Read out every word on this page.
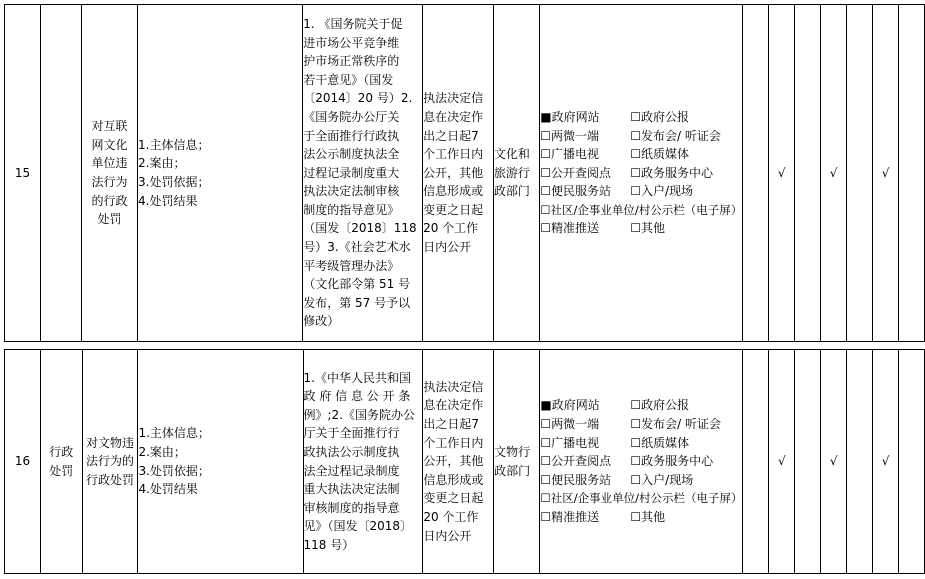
15		
对互联
网文化
单位违
法行为
的行政
处罚

1.主体信息；
2.案由；
3.处罚依据；
4.处罚结果

1. 《国务院关于促
进市场公平竞争维
护市场正常秩序的
若干意见》（国发
〔2014〕20 号）2.
《国务院办公厅关
于全面推行行政执
法公示制度执法全
过程记录制度重大
执法决定法制审核
制度的指导意见》
（国发〔2018〕118
号）3.《社会艺术水
平考级管理办法》
（文化部令第 51 号
发布，第 57 号予以
修改）

执法决定信
息在决定作
出之日起7
个工作日内
公开，其他
信息形成或
变更之日起
20 个工作
日内公开

文化和
旅游行
政部门

■政府网站	☐政府公报
☐两微一端	☐发布会/ 听证会
☐广播电视	☐纸质媒体
☐公开查阅点 ☐政务服务中心
☐便民服务站 ☐入户/现场
☐社区/企事业单位/村公示栏（电子屏）
☐精准推送	☐其他
		√		√		√	
16	
行政
处罚

对文物违
法行为的
行政处罚

1.主体信息；
2.案由；
3.处罚依据；
4.处罚结果

1.《中华人民共和国
政 府 信 息 公 开 条
例》;2.《国务院办公
厅关于全面推行行
政执法公示制度执
法全过程记录制度
重大执法决定法制
审核制度的指导意
见》（国发〔2018〕
118 号）

执法决定信
息在决定作
出之日起7
个工作日内
公开，其他
信息形成或
变更之日起
20 个工作
日内公开

文物行
政部门

■政府网站	☐政府公报
☐两微一端	☐发布会/ 听证会
☐广播电视	☐纸质媒体
☐公开查阅点 ☐政务服务中心
☐便民服务站 ☐入户/现场
☐社区/企事业单位/村公示栏（电子屏）
☐精准推送	☐其他
		√		√		√	
